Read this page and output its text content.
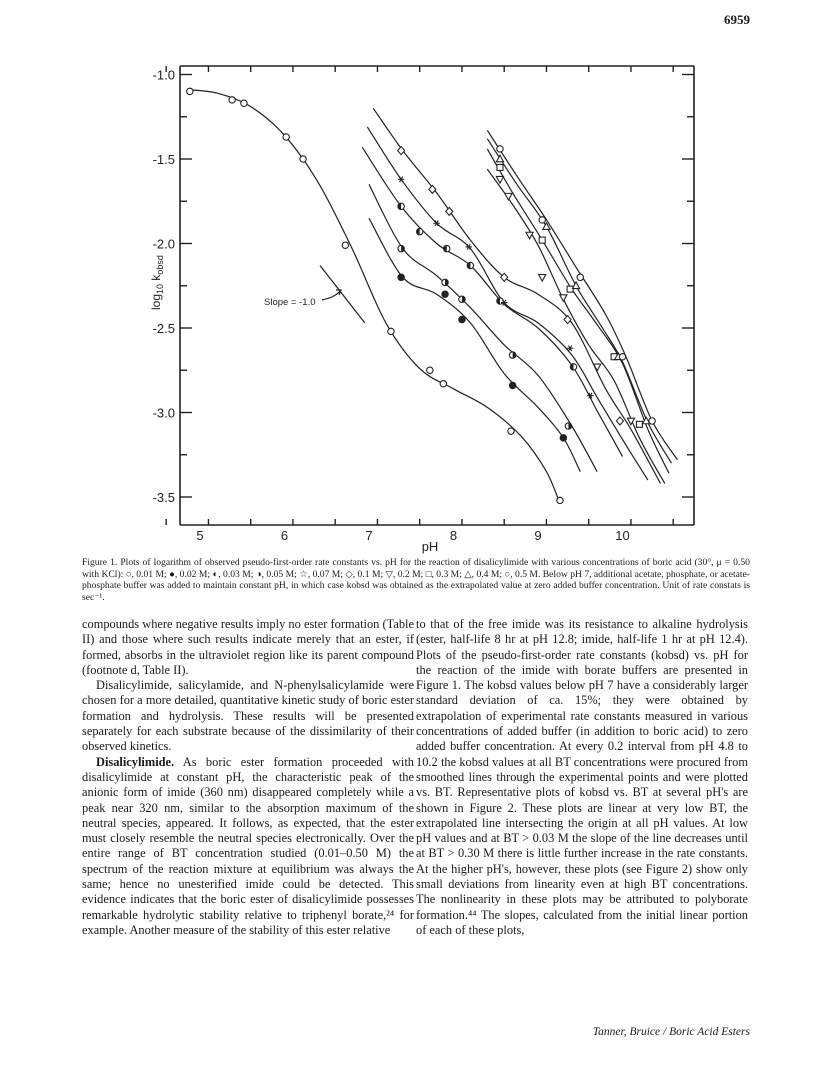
6959
5	6	7	8	9	10
-1.0
-1.5
-2.0
-2.5
-3.0
-3.5
pH
$\log_{10} k_{obsd}$
Slope = -1.0
Figure 1. Plots of logarithm of observed pseudo-first-order rate constants vs. pH for the reaction of disalicylimide with various concentrations of boric acid (30°, μ = 0.50 with KCl): ○, 0.01 M; ●, 0.02 M; ◐, 0.03 M; ◑, 0.05 M; ☆, 0.07 M; ◇, 0.1 M; ▽, 0.2 M; □, 0.3 M; △, 0.4 M; ○, 0.5 M. Below pH 7, additional acetate, phosphate, or acetate-phosphate buffer was added to maintain constant pH, in which case kobsd was obtained as the extrapolated value at zero added buffer concentration. Unit of rate constats is sec⁻¹.

compounds where negative results imply no ester formation (Table II) and those where such results indicate merely that an ester, if formed, absorbs in the ultraviolet region like its parent compound (footnote d, Table II).

Disalicylimide, salicylamide, and N-phenylsalicylamide were chosen for a more detailed, quantitative kinetic study of boric ester formation and hydrolysis. These results will be presented separately for each substrate because of the dissimilarity of their observed kinetics.

Disalicylimide. As boric ester formation proceeded with disalicylimide at constant pH, the characteristic peak of the anionic form of imide (360 nm) disappeared completely while a peak near 320 nm, similar to the absorption maximum of the neutral species, appeared. It follows, as expected, that the ester must closely resemble the neutral species electronically. Over the entire range of BT concentration studied (0.01–0.50 M) the spectrum of the reaction mixture at equilibrium was always the same; hence no unesterified imide could be detected. This evidence indicates that the boric ester of disalicylimide possesses remarkable hydrolytic stability relative to triphenyl borate,²⁴ for example. Another measure of the stability of this ester relative

to that of the free imide was its resistance to alkaline hydrolysis (ester, half-life 8 hr at pH 12.8; imide, half-life 1 hr at pH 12.4). Plots of the pseudo-first-order rate constants (kobsd) vs. pH for the reaction of the imide with borate buffers are presented in Figure 1. The kobsd values below pH 7 have a considerably larger standard deviation of ca. 15%; they were obtained by extrapolation of experimental rate constants measured in various concentrations of added buffer (in addition to boric acid) to zero added buffer concentration. At every 0.2 interval from pH 4.8 to 10.2 the kobsd values at all BT concentrations were procured from smoothed lines through the experimental points and were plotted vs. BT. Representative plots of kobsd vs. BT at several pH's are shown in Figure 2. These plots are linear at very low BT, the extrapolated line intersecting the origin at all pH values. At low pH values and at BT > 0.03 M the slope of the line decreases until at BT > 0.30 M there is little further increase in the rate constants. At the higher pH's, however, these plots (see Figure 2) show only small deviations from linearity even at high BT concentrations. The nonlinearity in these plots may be attributed to polyborate formation.⁴⁴ The slopes, calculated from the initial linear portion of each of these plots,

Tanner, Bruice / Boric Acid Esters
